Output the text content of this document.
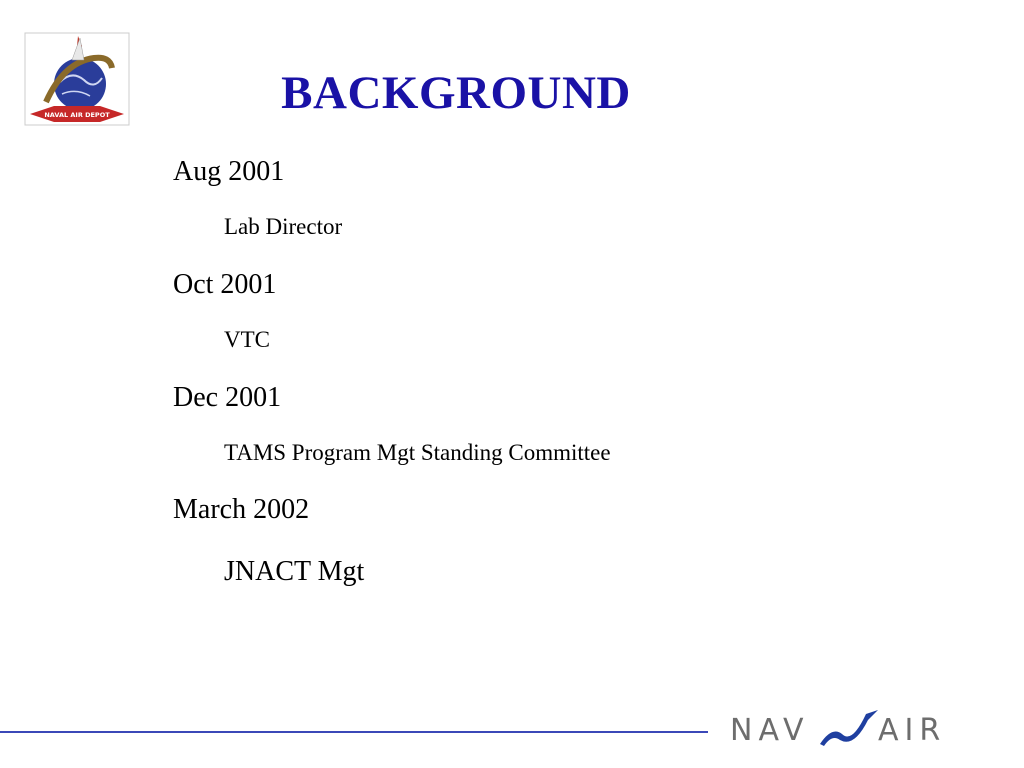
NAVAL AIR DEPOT	BACKGROUND
Aug 2001
Lab Director
Oct 2001
VTC
Dec 2001
TAMS Program Mgt Standing Committee
March 2002
JNACT Mgt
NAV AIR
